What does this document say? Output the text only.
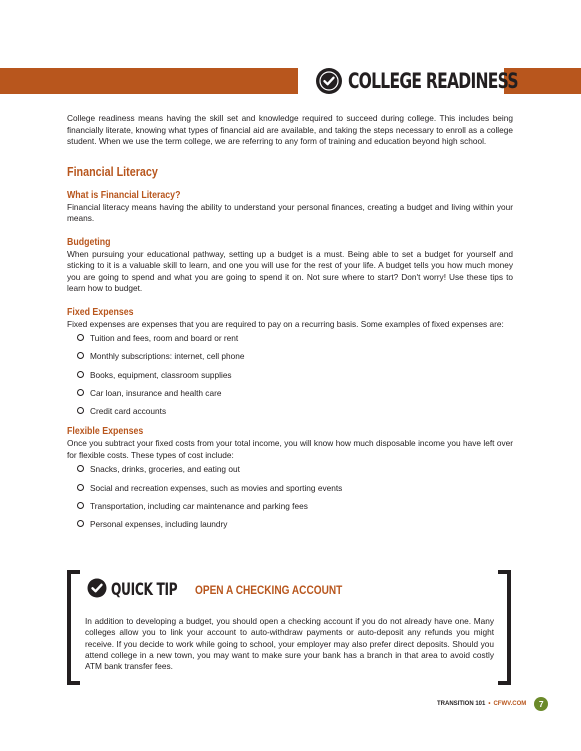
COLLEGE READINESS

College readiness means having the skill set and knowledge required to succeed during college. This includes being financially literate, knowing what types of financial aid are available, and taking the steps necessary to enroll as a college student. When we use the term college, we are referring to any form of training and education beyond high school.

Financial Literacy
What is Financial Literacy?

Financial literacy means having the ability to understand your personal finances, creating a budget and living within your means.

Budgeting

When pursuing your educational pathway, setting up a budget is a must. Being able to set a budget for yourself and sticking to it is a valuable skill to learn, and one you will use for the rest of your life. A budget tells you how much money you are going to spend and what you are going to spend it on. Not sure where to start? Don't worry! Use these tips to learn how to budget.

Fixed Expenses

Fixed expenses are expenses that you are required to pay on a recurring basis. Some examples of fixed expenses are:

Tuition and fees, room and board or rent
Monthly subscriptions: internet, cell phone
Books, equipment, classroom supplies
Car loan, insurance and health care
Credit card accounts
Flexible Expenses

Once you subtract your fixed costs from your total income, you will know how much disposable income you have left over for flexible costs. These types of cost include:

Snacks, drinks, groceries, and eating out
Social and recreation expenses, such as movies and sporting events
Transportation, including car maintenance and parking fees
Personal expenses, including laundry
QUICK TIP OPEN A CHECKING ACCOUNT

In addition to developing a budget, you should open a checking account if you do not already have one. Many colleges allow you to link your account to auto-withdraw payments or auto-deposit any refunds you might receive. If you decide to work while going to school, your employer may also prefer direct deposits. Should you attend college in a new town, you may want to make sure your bank has a branch in that area to avoid costly ATM bank transfer fees.

TRANSITION 101 • CFWV.COM	7
